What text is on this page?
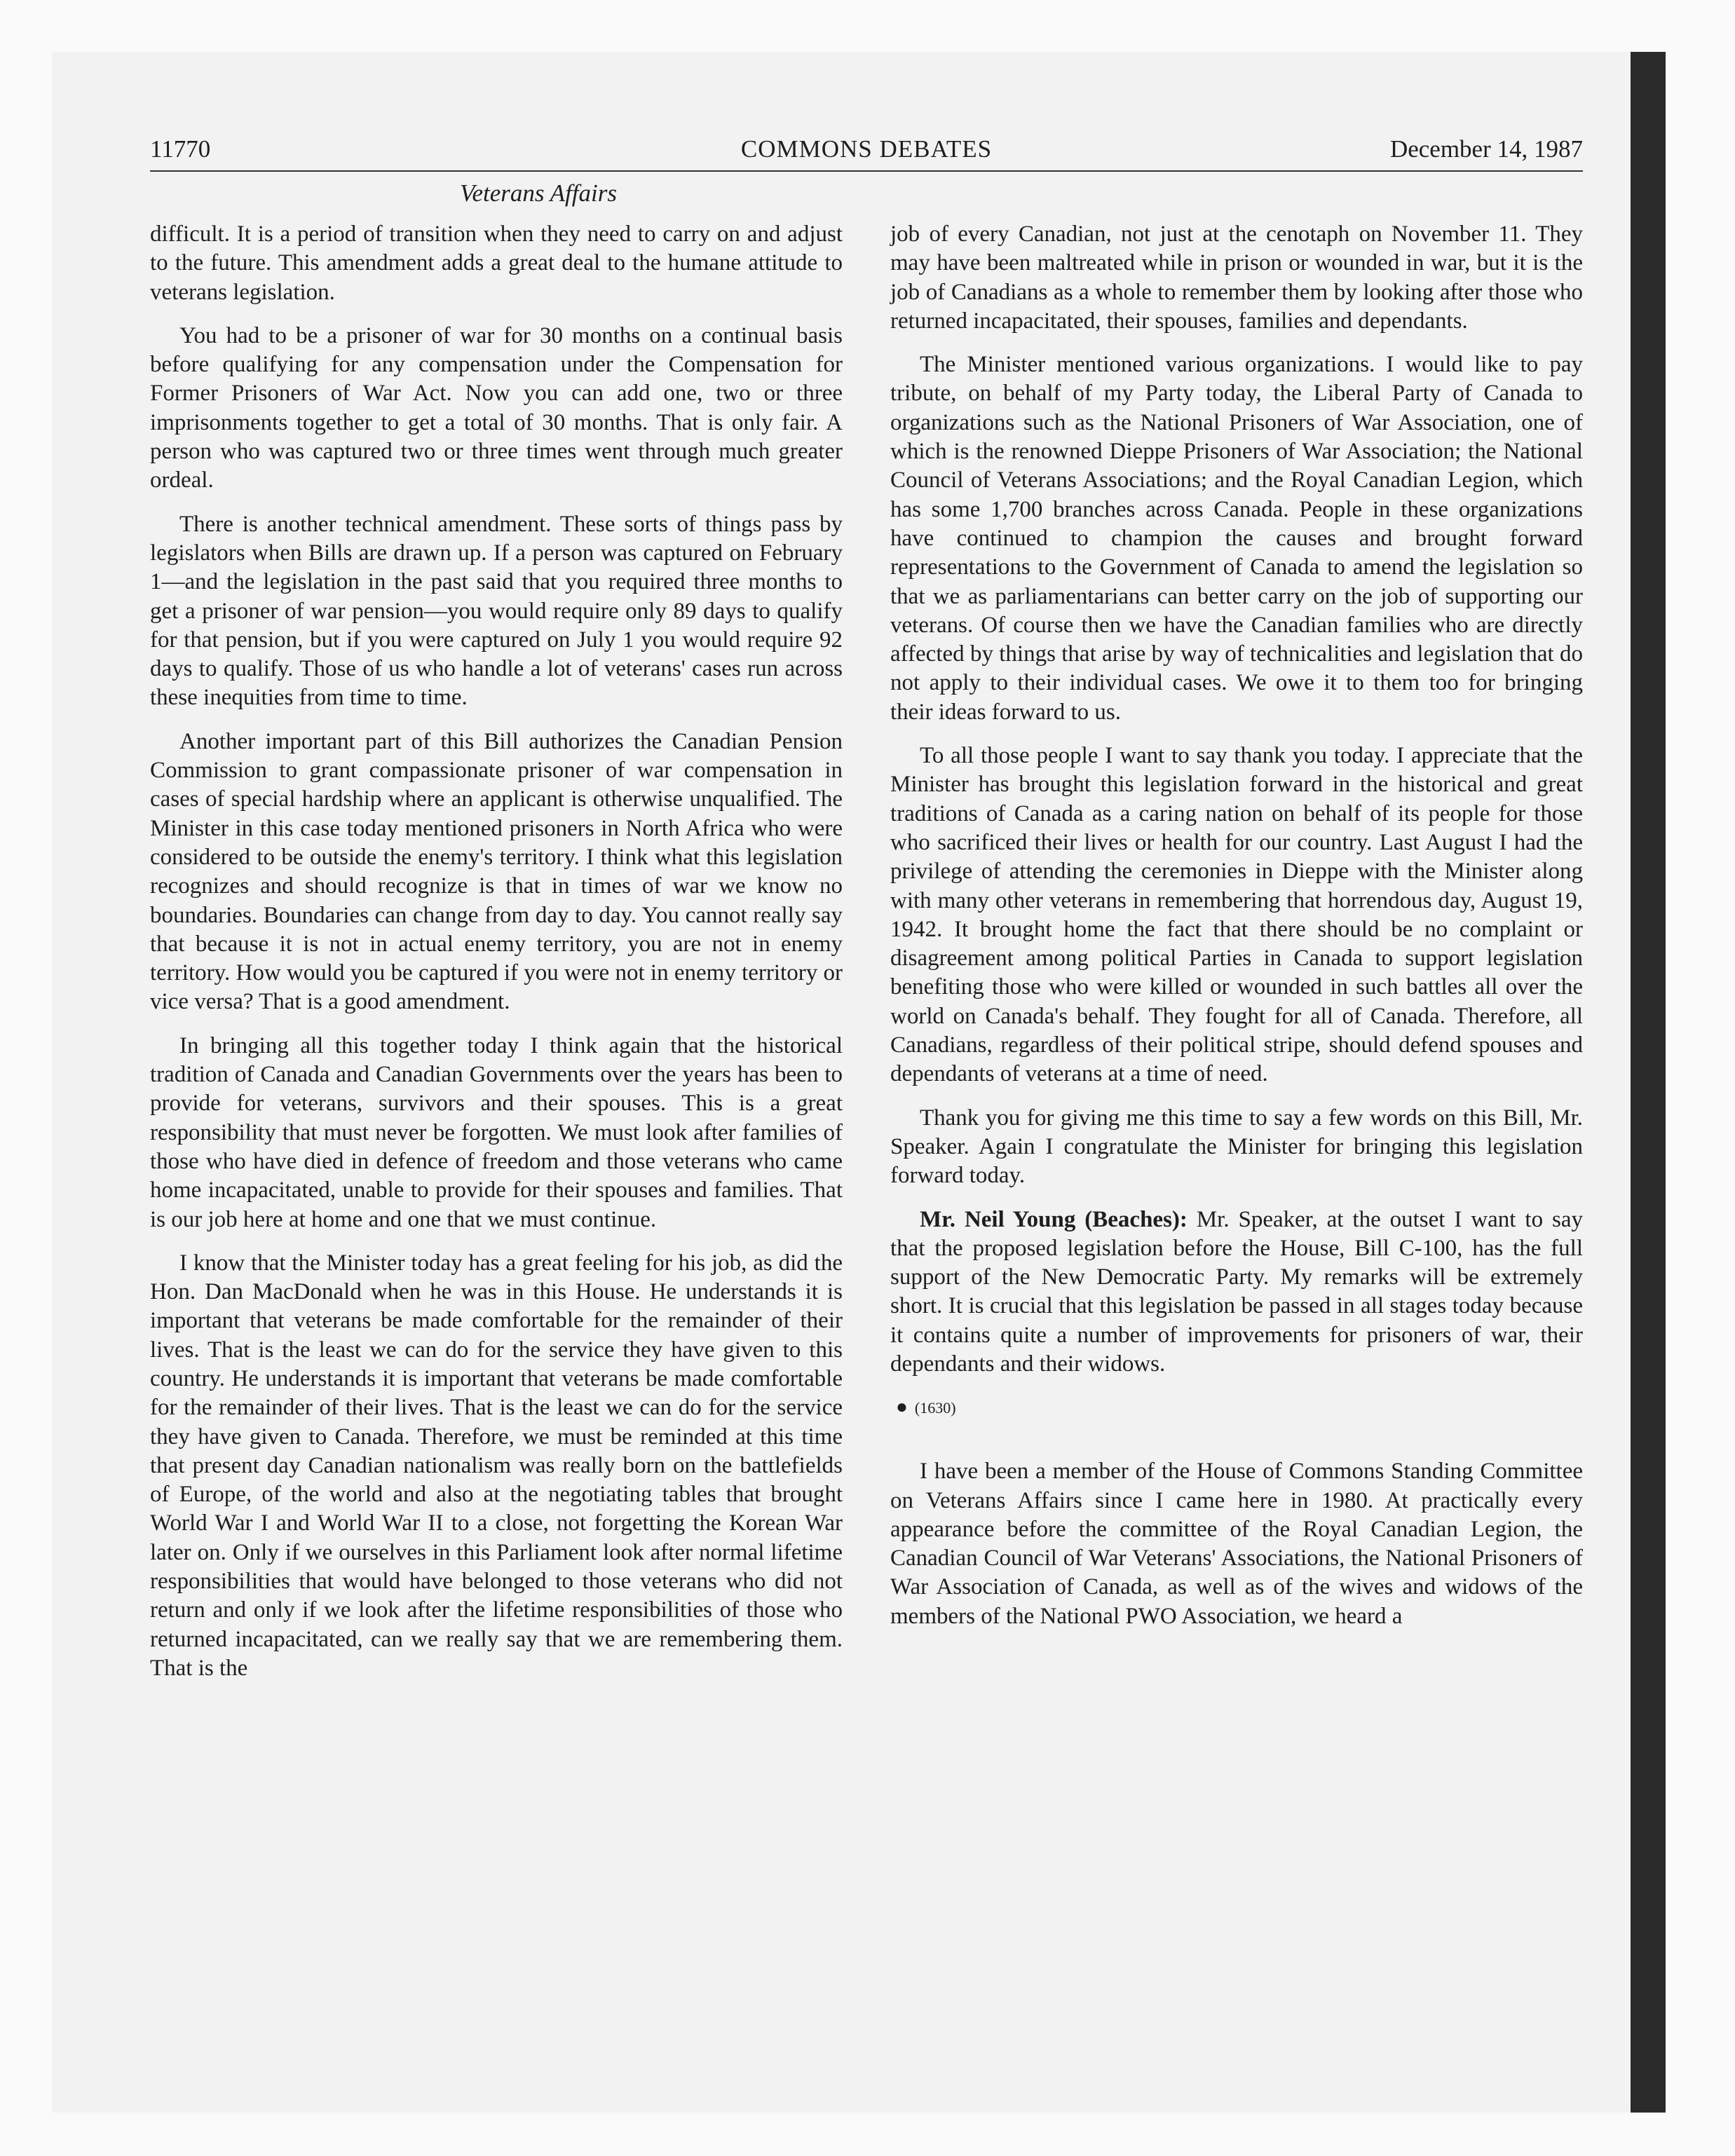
11770	COMMONS DEBATES	December 14, 1987
Veterans Affairs

difficult. It is a period of transition when they need to carry on and adjust to the future. This amendment adds a great deal to the humane attitude to veterans legislation.

You had to be a prisoner of war for 30 months on a continual basis before qualifying for any compensation under the Compensation for Former Prisoners of War Act. Now you can add one, two or three imprisonments together to get a total of 30 months. That is only fair. A person who was captured two or three times went through much greater ordeal.

There is another technical amendment. These sorts of things pass by legislators when Bills are drawn up. If a person was captured on February 1—and the legislation in the past said that you required three months to get a prisoner of war pension—you would require only 89 days to qualify for that pension, but if you were captured on July 1 you would require 92 days to qualify. Those of us who handle a lot of veterans' cases run across these inequities from time to time.

Another important part of this Bill authorizes the Canadian Pension Commission to grant compassionate prisoner of war compensation in cases of special hardship where an applicant is otherwise unqualified. The Minister in this case today mentioned prisoners in North Africa who were considered to be outside the enemy's territory. I think what this legislation recognizes and should recognize is that in times of war we know no boundaries. Boundaries can change from day to day. You cannot really say that because it is not in actual enemy territory, you are not in enemy territory. How would you be captured if you were not in enemy territory or vice versa? That is a good amendment.

In bringing all this together today I think again that the historical tradition of Canada and Canadian Governments over the years has been to provide for veterans, survivors and their spouses. This is a great responsibility that must never be forgotten. We must look after families of those who have died in defence of freedom and those veterans who came home incapacitated, unable to provide for their spouses and families. That is our job here at home and one that we must continue.

I know that the Minister today has a great feeling for his job, as did the Hon. Dan MacDonald when he was in this House. He understands it is important that veterans be made comfortable for the remainder of their lives. That is the least we can do for the service they have given to this country. He understands it is important that veterans be made comfortable for the remainder of their lives. That is the least we can do for the service they have given to Canada. Therefore, we must be reminded at this time that present day Canadian nationalism was really born on the battlefields of Europe, of the world and also at the negotiating tables that brought World War I and World War II to a close, not forgetting the Korean War later on. Only if we ourselves in this Parliament look after normal lifetime responsibilities that would have belonged to those veterans who did not return and only if we look after the lifetime responsibilities of those who returned incapacitated, can we really say that we are remembering them. That is the

job of every Canadian, not just at the cenotaph on November 11. They may have been maltreated while in prison or wounded in war, but it is the job of Canadians as a whole to remember them by looking after those who returned incapacitated, their spouses, families and dependants.

The Minister mentioned various organizations. I would like to pay tribute, on behalf of my Party today, the Liberal Party of Canada to organizations such as the National Prisoners of War Association, one of which is the renowned Dieppe Prisoners of War Association; the National Council of Veterans Associations; and the Royal Canadian Legion, which has some 1,700 branches across Canada. People in these organizations have continued to champion the causes and brought forward representations to the Government of Canada to amend the legislation so that we as parliamentarians can better carry on the job of supporting our veterans. Of course then we have the Canadian families who are directly affected by things that arise by way of technicalities and legislation that do not apply to their individual cases. We owe it to them too for bringing their ideas forward to us.

To all those people I want to say thank you today. I appreciate that the Minister has brought this legislation forward in the historical and great traditions of Canada as a caring nation on behalf of its people for those who sacrificed their lives or health for our country. Last August I had the privilege of attending the ceremonies in Dieppe with the Minister along with many other veterans in remembering that horrendous day, August 19, 1942. It brought home the fact that there should be no complaint or disagreement among political Parties in Canada to support legislation benefiting those who were killed or wounded in such battles all over the world on Canada's behalf. They fought for all of Canada. Therefore, all Canadians, regardless of their political stripe, should defend spouses and dependants of veterans at a time of need.

Thank you for giving me this time to say a few words on this Bill, Mr. Speaker. Again I congratulate the Minister for bringing this legislation forward today.

Mr. Neil Young (Beaches): Mr. Speaker, at the outset I want to say that the proposed legislation before the House, Bill C-100, has the full support of the New Democratic Party. My remarks will be extremely short. It is crucial that this legislation be passed in all stages today because it contains quite a number of improvements for prisoners of war, their dependants and their widows.

● (1630)

I have been a member of the House of Commons Standing Committee on Veterans Affairs since I came here in 1980. At practically every appearance before the committee of the Royal Canadian Legion, the Canadian Council of War Veterans' Associations, the National Prisoners of War Association of Canada, as well as of the wives and widows of the members of the National PWO Association, we heard a
